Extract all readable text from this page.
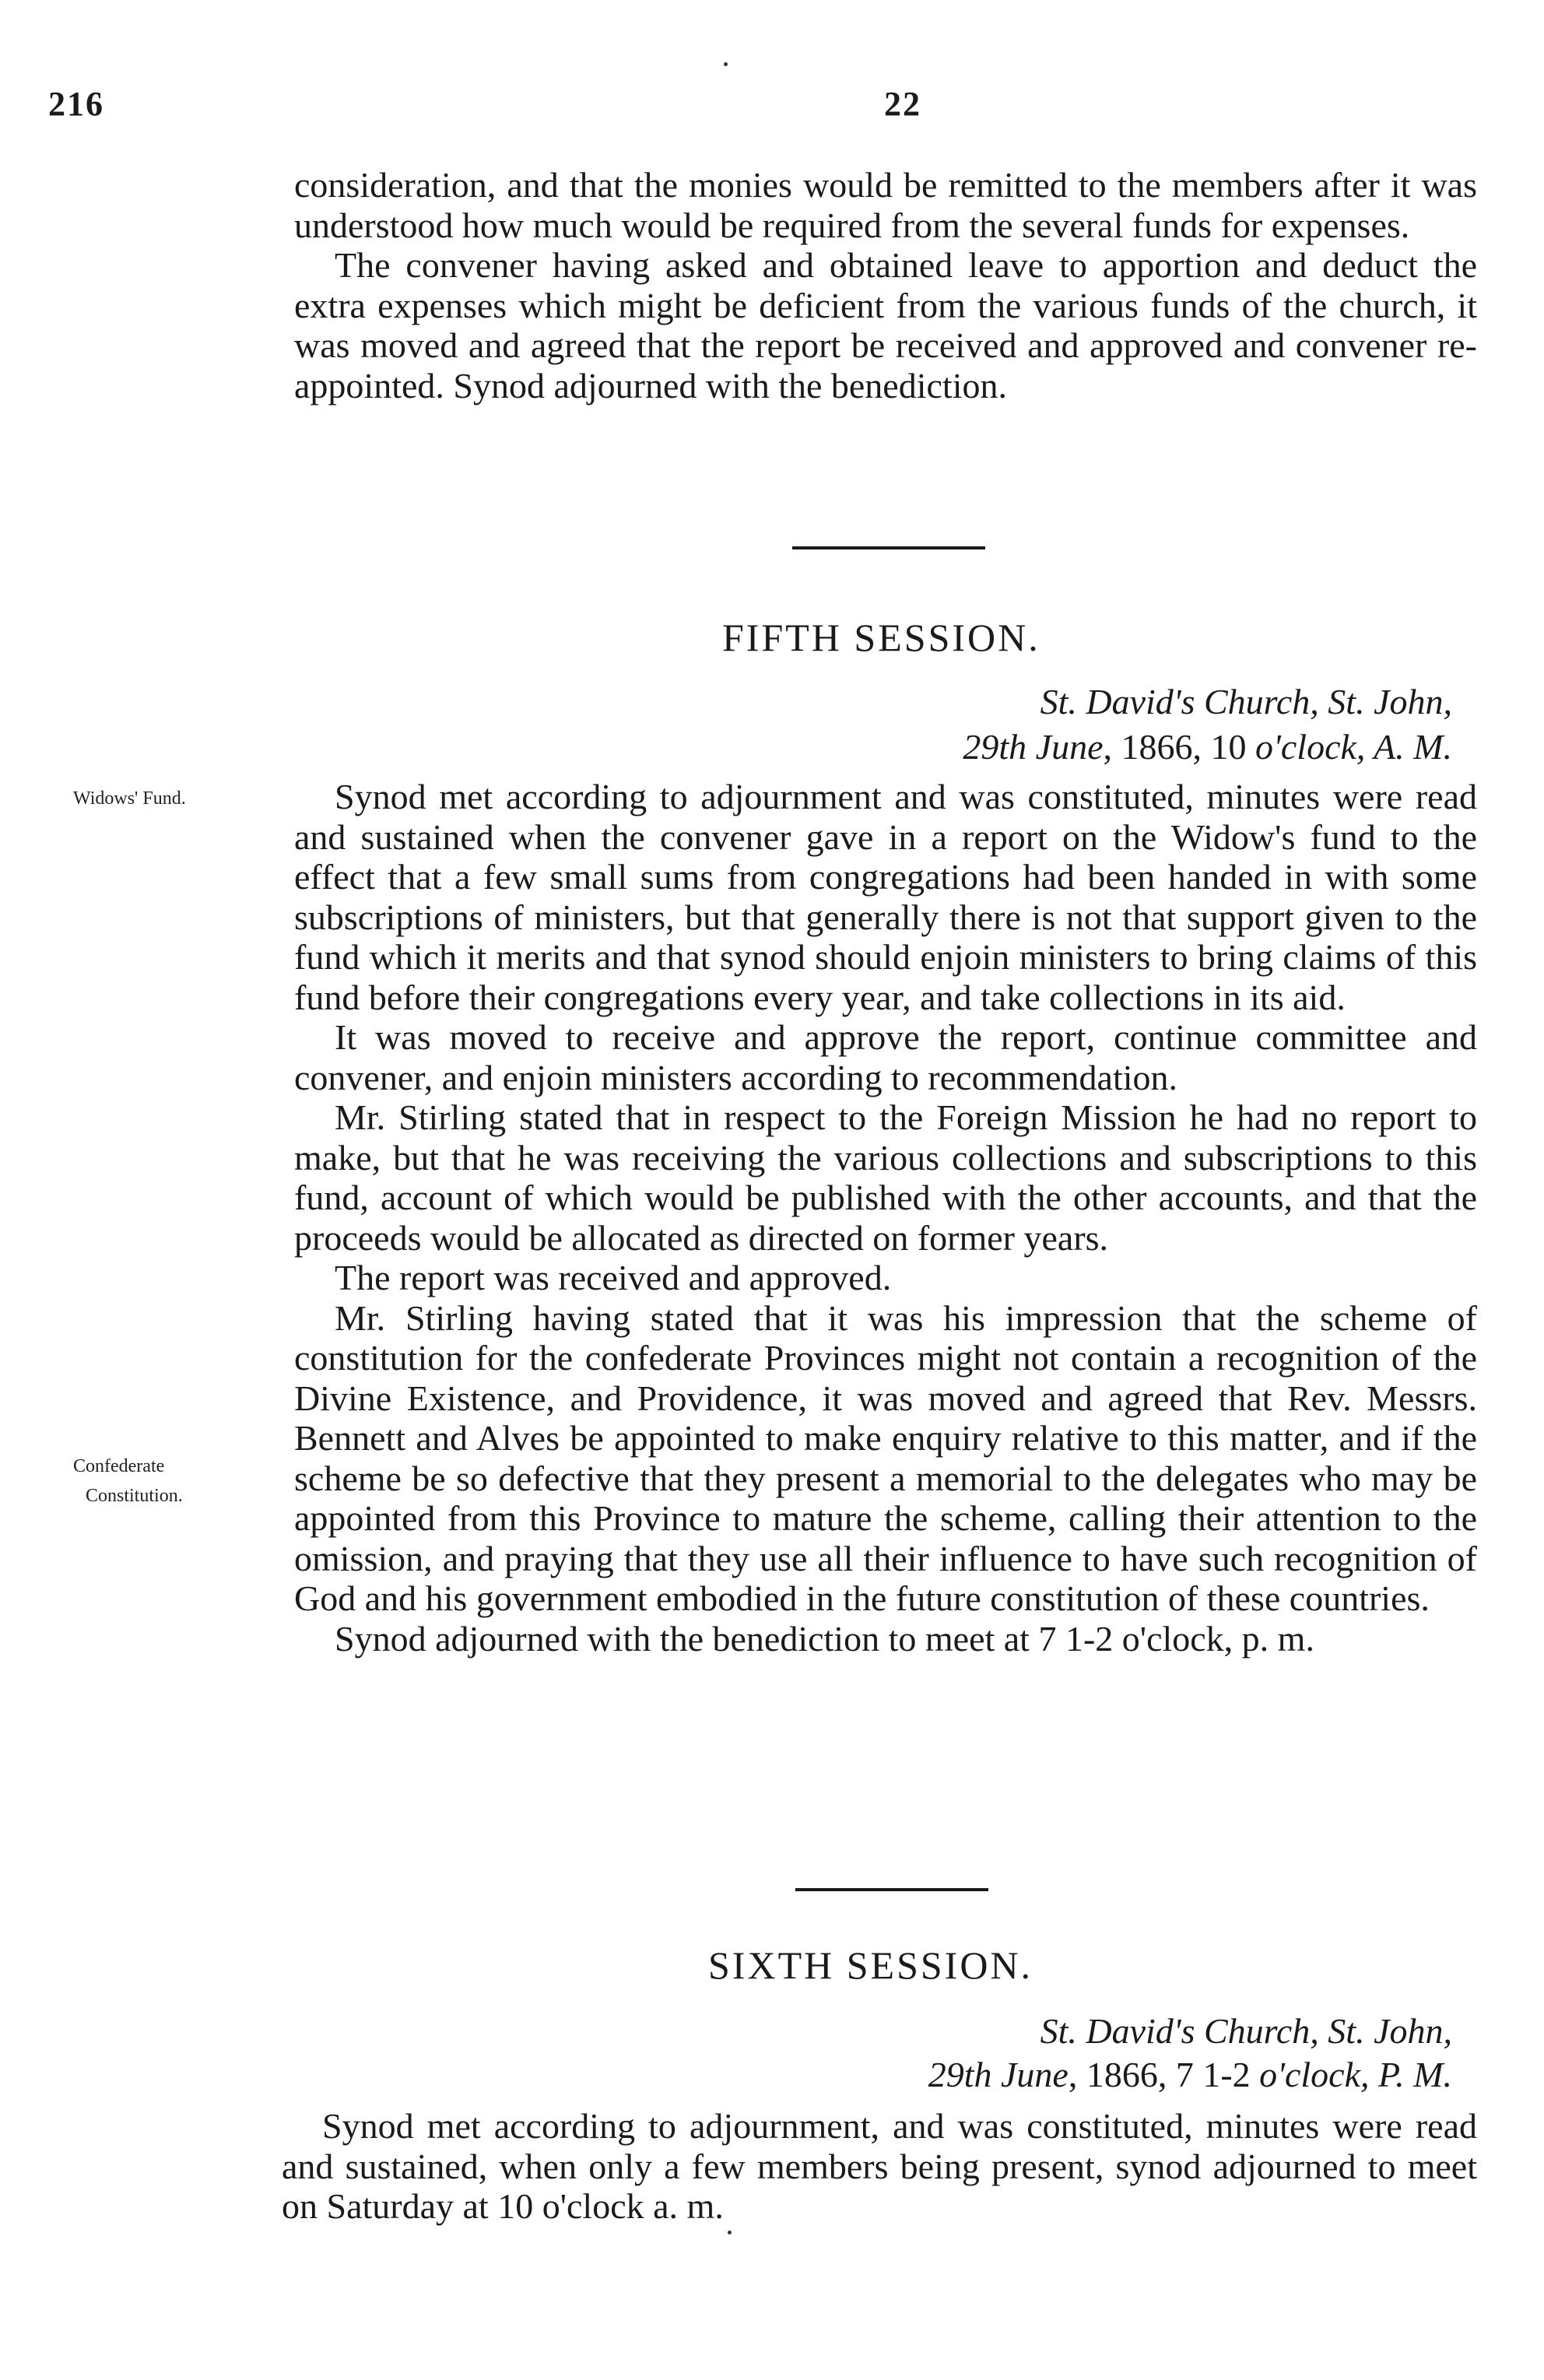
216	22

consideration, and that the monies would be remitted to the members after it was understood how much would be required from the several funds for expenses.

The convener having asked and obtained leave to apportion and deduct the extra expenses which might be deficient from the various funds of the church, it was moved and agreed that the report be received and approved and convener re-appointed. Synod adjourned with the benediction.

FIFTH SESSION.
St. David's Church, St. John,
29th June, 1866, 10 o'clock, A. M.
Widows' Fund.
Confederate
Constitution.

Synod met according to adjournment and was constituted, minutes were read and sustained when the convener gave in a report on the Widow's fund to the effect that a few small sums from congregations had been handed in with some subscriptions of ministers, but that generally there is not that support given to the fund which it merits and that synod should enjoin ministers to bring claims of this fund before their congregations every year, and take collections in its aid.

It was moved to receive and approve the report, continue committee and convener, and enjoin ministers according to recommendation.

Mr. Stirling stated that in respect to the Foreign Mission he had no report to make, but that he was receiving the various collections and subscriptions to this fund, account of which would be published with the other accounts, and that the proceeds would be allocated as directed on former years.

The report was received and approved.

Mr. Stirling having stated that it was his impression that the scheme of constitution for the confederate Provinces might not contain a recognition of the Divine Existence, and Providence, it was moved and agreed that Rev. Messrs. Bennett and Alves be appointed to make enquiry relative to this matter, and if the scheme be so defective that they present a memorial to the delegates who may be appointed from this Province to mature the scheme, calling their attention to the omission, and praying that they use all their influence to have such recognition of God and his government embodied in the future constitution of these countries.

Synod adjourned with the benediction to meet at 7 1-2 o'clock, p. m.

SIXTH SESSION.
St. David's Church, St. John,
29th June, 1866, 7 1-2 o'clock, P. M.

Synod met according to adjournment, and was constituted, minutes were read and sustained, when only a few members being present, synod adjourned to meet on Saturday at 10 o'clock a. m.
